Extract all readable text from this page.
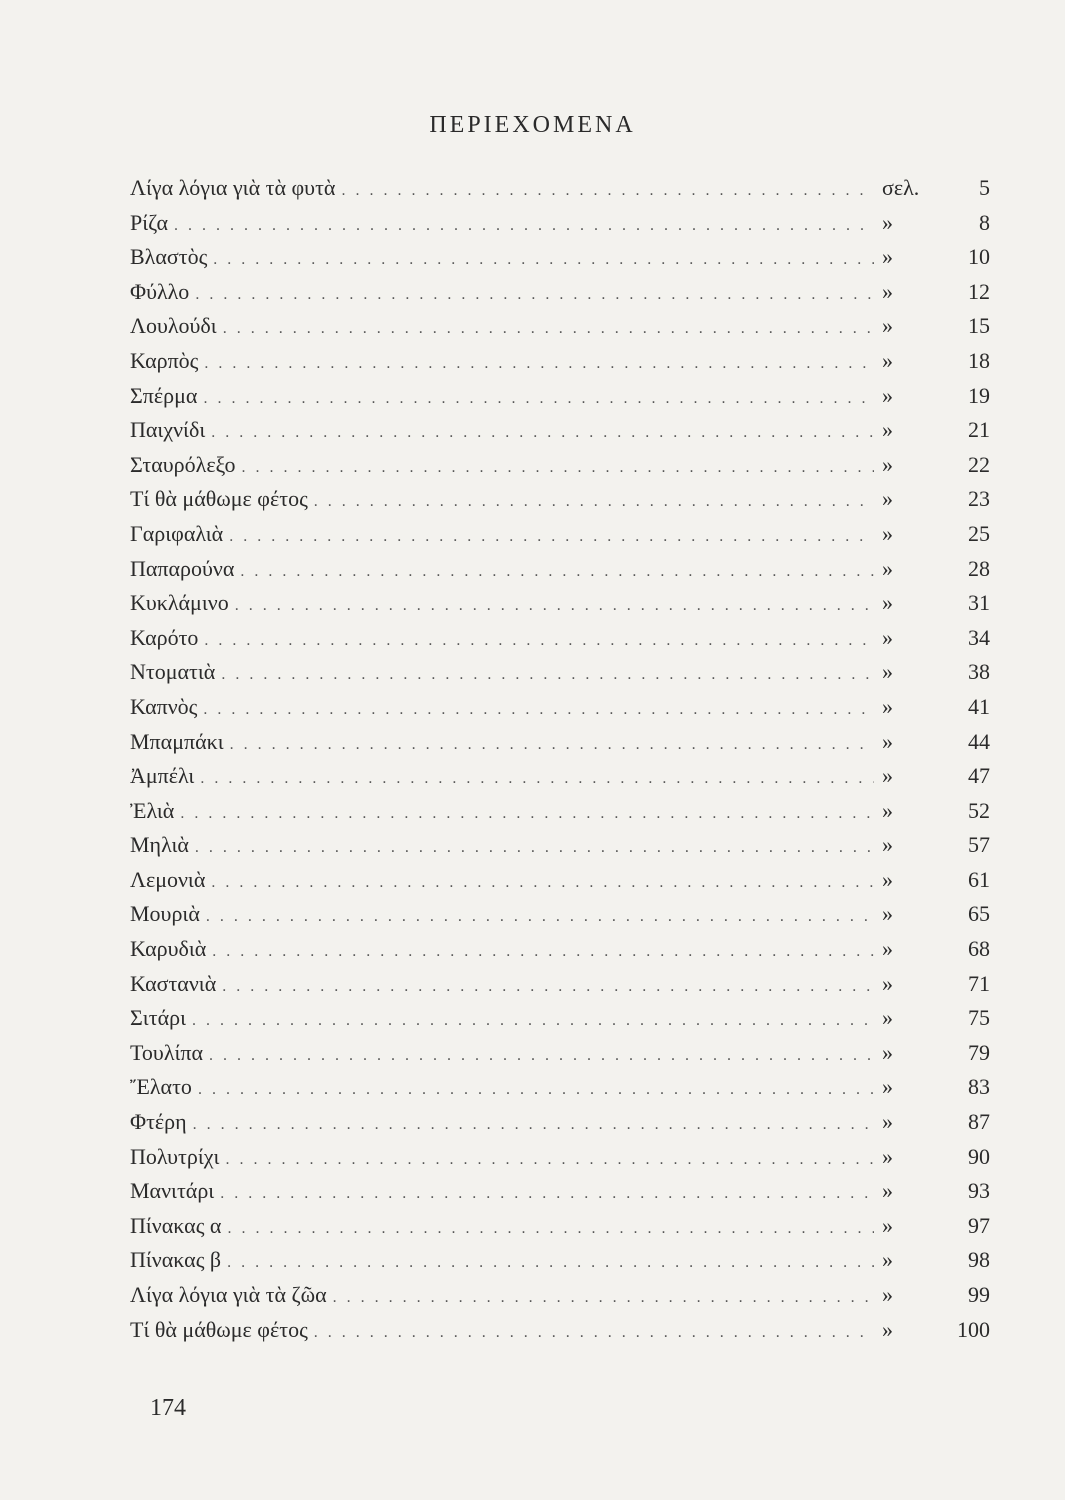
ΠΕΡΙΕΧΟΜΕΝΑ
Λίγα λόγια γιὰ τὰ φυτὰ . . .	σελ.	5
Ρίζα . . .	»	8
Βλαστὸς . . .	»	10
Φύλλο . . .	»	12
Λουλούδι . . .	»	15
Καρπὸς . . .	»	18
Σπέρμα . . .	»	19
Παιχνίδι . . .	»	21
Σταυρόλεξο . . .	»	22
Τί θὰ μάθωμε φέτος . . .	»	23
Γαριφαλιὰ . . .	»	25
Παπαρούνα . . .	»	28
Κυκλάμινο . . .	»	31
Καρότο . . .	»	34
Ντοματιὰ . . .	»	38
Καπνὸς . . .	»	41
Μπαμπάκι . . .	»	44
Ἀμπέλι . . .	»	47
Ἐλιὰ . . .	»	52
Μηλιὰ . . .	»	57
Λεμονιὰ . . .	»	61
Μουριὰ . . .	»	65
Καρυδιὰ . . .	»	68
Καστανιὰ . . .	»	71
Σιτάρι . . .	»	75
Τουλίπα . . .	»	79
Ἔλατο . . .	»	83
Φτέρη . . .	»	87
Πολυτρίχι . . .	»	90
Μανιτάρι . . .	»	93
Πίνακας α . . .	»	97
Πίνακας β . . .	»	98
Λίγα λόγια γιὰ τὰ ζῶα . . .	»	99
Τί θὰ μάθωμε φέτος . . .	»	100
174
